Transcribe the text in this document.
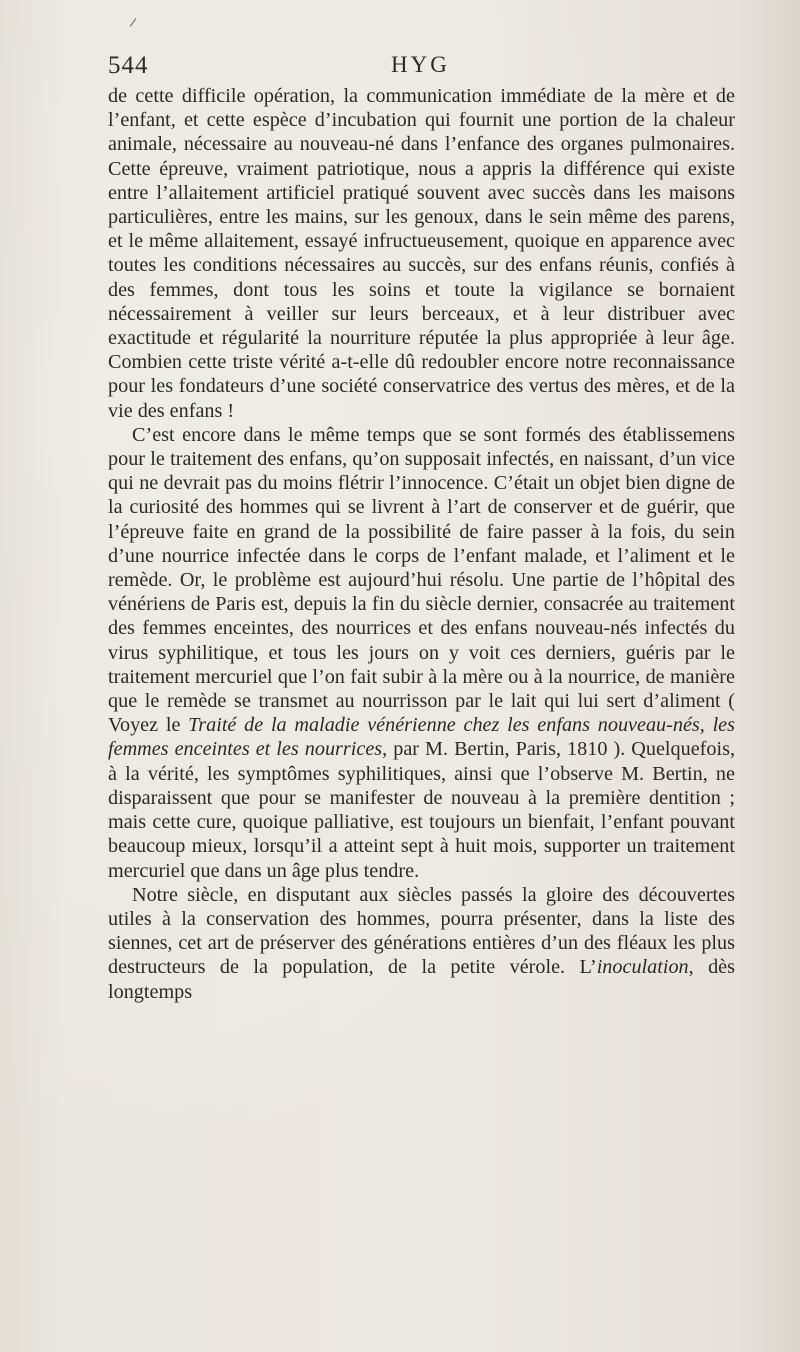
544	HYG

de cette difficile opération, la communication immédiate de la mère et de l’enfant, et cette espèce d’incubation qui fournit une portion de la chaleur animale, nécessaire au nouveau-né dans l’enfance des organes pulmonaires. Cette épreuve, vraiment patriotique, nous a appris la différence qui existe entre l’allaitement artificiel pratiqué souvent avec succès dans les maisons particulières, entre les mains, sur les genoux, dans le sein même des parens, et le même allaitement, essayé infructueusement, quoique en apparence avec toutes les conditions nécessaires au succès, sur des enfans réunis, confiés à des femmes, dont tous les soins et toute la vigilance se bornaient nécessairement à veiller sur leurs berceaux, et à leur distribuer avec exactitude et régularité la nourriture réputée la plus appropriée à leur âge. Combien cette triste vérité a-t-elle dû redoubler encore notre reconnaissance pour les fondateurs d’une société conservatrice des vertus des mères, et de la vie des enfans !

C’est encore dans le même temps que se sont formés des établissemens pour le traitement des enfans, qu’on supposait infectés, en naissant, d’un vice qui ne devrait pas du moins flétrir l’innocence. C’était un objet bien digne de la curiosité des hommes qui se livrent à l’art de conserver et de guérir, que l’épreuve faite en grand de la possibilité de faire passer à la fois, du sein d’une nourrice infectée dans le corps de l’enfant malade, et l’aliment et le remède. Or, le problème est aujourd’hui résolu. Une partie de l’hôpital des vénériens de Paris est, depuis la fin du siècle dernier, consacrée au traitement des femmes enceintes, des nourrices et des enfans nouveau-nés infectés du virus syphilitique, et tous les jours on y voit ces derniers, guéris par le traitement mercuriel que l’on fait subir à la mère ou à la nourrice, de manière que le remède se transmet au nourrisson par le lait qui lui sert d’aliment ( Voyez le Traité de la maladie vénérienne chez les enfans nouveau-nés, les femmes enceintes et les nourrices, par M. Bertin, Paris, 1810 ). Quelquefois, à la vérité, les symptômes syphilitiques, ainsi que l’observe M. Bertin, ne disparaissent que pour se manifester de nouveau à la première dentition ; mais cette cure, quoique palliative, est toujours un bienfait, l’enfant pouvant beaucoup mieux, lorsqu’il a atteint sept à huit mois, supporter un traitement mercuriel que dans un âge plus tendre.

Notre siècle, en disputant aux siècles passés la gloire des découvertes utiles à la conservation des hommes, pourra présenter, dans la liste des siennes, cet art de préserver des générations entières d’un des fléaux les plus destructeurs de la population, de la petite vérole. L’inoculation, dès longtemps
